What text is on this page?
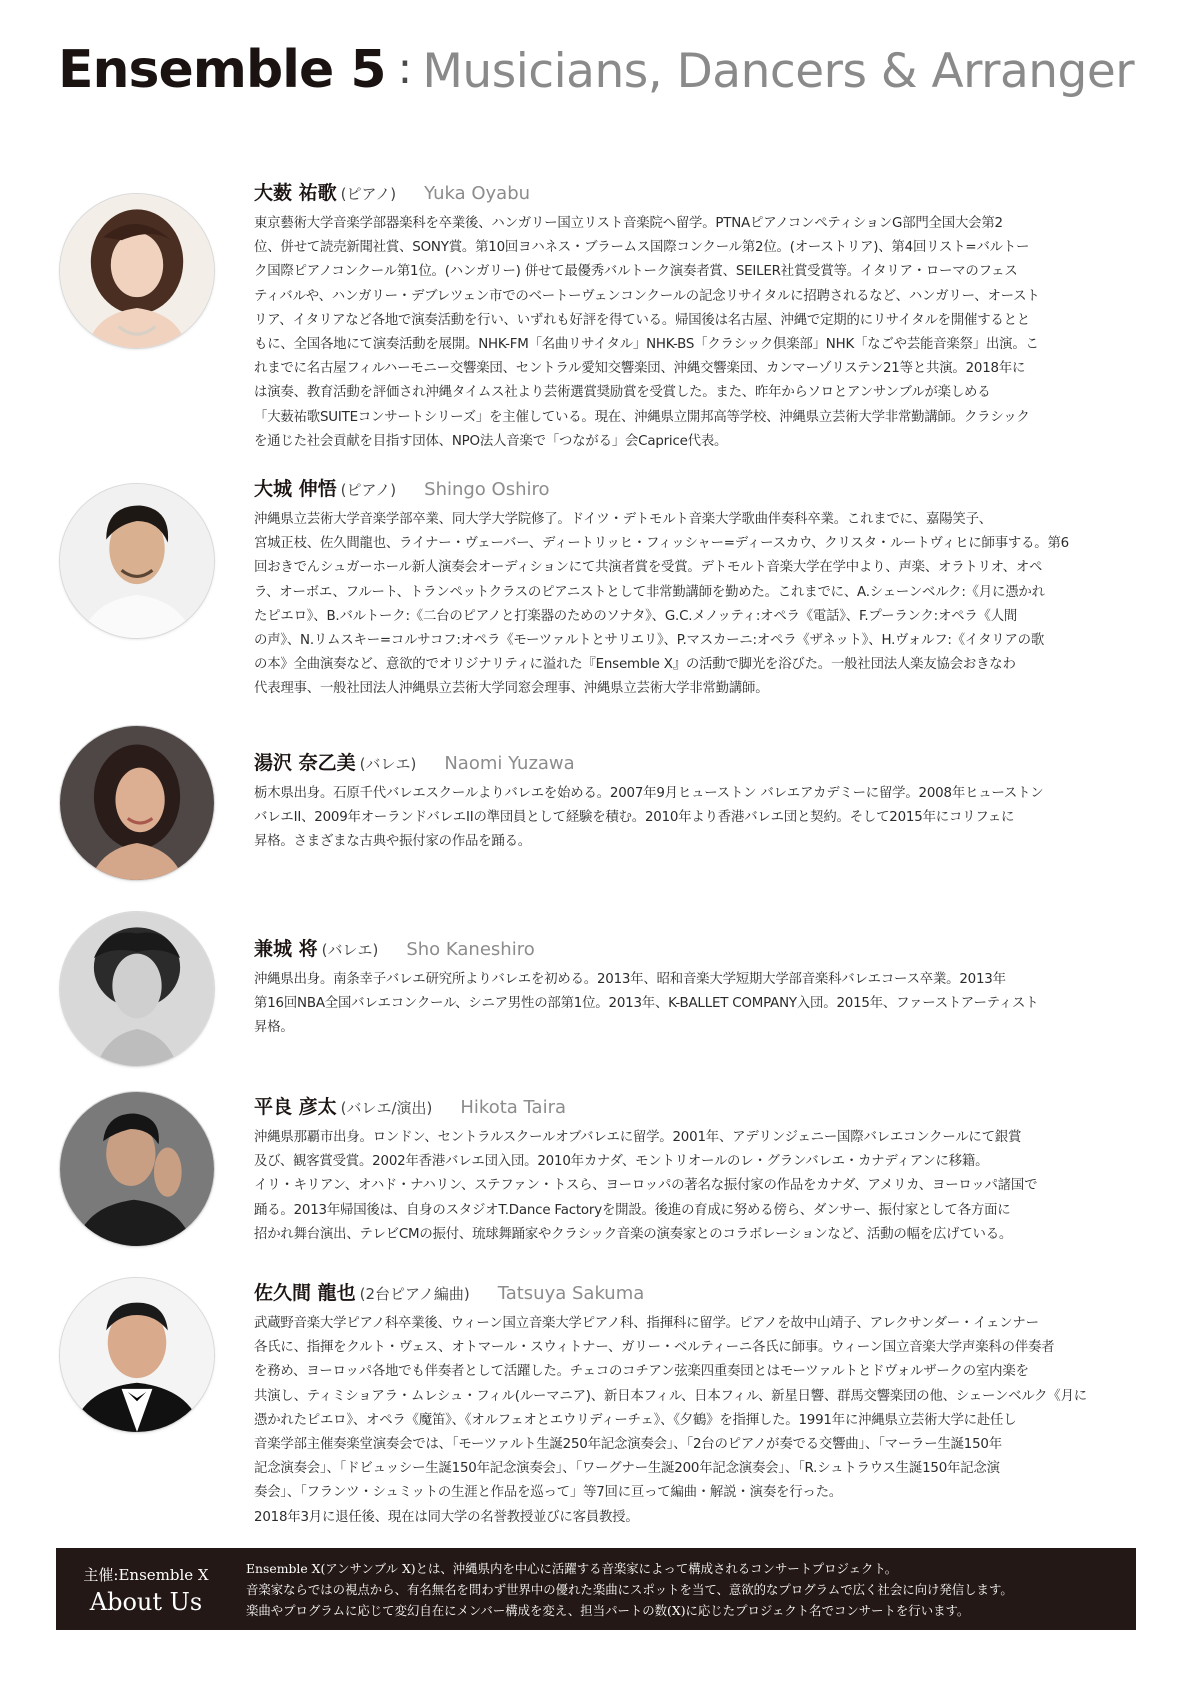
Ensemble 5 : Musicians, Dancers & Arranger
大薮 祐歌 (ピアノ) Yuka Oyabu

東京藝術大学音楽学部器楽科を卒業後、ハンガリー国立リスト音楽院へ留学。PTNAピアノコンペティションG部門全国大会第2

位、併せて読売新聞社賞、SONY賞。第10回ヨハネス・ブラームス国際コンクール第2位。(オーストリア)、第4回リスト=バルトー

ク国際ピアノコンクール第1位。(ハンガリー) 併せて最優秀バルトーク演奏者賞、SEILER社賞受賞等。イタリア・ローマのフェス

ティバルや、ハンガリー・デブレツェン市でのベートーヴェンコンクールの記念リサイタルに招聘されるなど、ハンガリー、オースト

リア、イタリアなど各地で演奏活動を行い、いずれも好評を得ている。帰国後は名古屋、沖縄で定期的にリサイタルを開催するとと

もに、全国各地にて演奏活動を展開。NHK-FM「名曲リサイタル」NHK-BS「クラシック倶楽部」NHK「なごや芸能音楽祭」出演。こ

れまでに名古屋フィルハーモニー交響楽団、セントラル愛知交響楽団、沖縄交響楽団、カンマーゾリステン21等と共演。2018年に

は演奏、教育活動を評価され沖縄タイムス社より芸術選賞奨励賞を受賞した。また、昨年からソロとアンサンブルが楽しめる

「大薮祐歌SUITEコンサートシリーズ」を主催している。現在、沖縄県立開邦高等学校、沖縄県立芸術大学非常勤講師。クラシック

を通じた社会貢献を目指す団体、NPO法人音楽で「つながる」会Caprice代表。

大城 伸悟 (ピアノ) Shingo Oshiro

沖縄県立芸術大学音楽学部卒業、同大学大学院修了。ドイツ・デトモルト音楽大学歌曲伴奏科卒業。これまでに、嘉陽笑子、

宮城正枝、佐久間龍也、ライナー・ヴェーバー、ディートリッヒ・フィッシャー=ディースカウ、クリスタ・ルートヴィヒに師事する。第6

回おきでんシュガーホール新人演奏会オーディションにて共演者賞を受賞。デトモルト音楽大学在学中より、声楽、オラトリオ、オペ

ラ、オーボエ、フルート、トランペットクラスのピアニストとして非常勤講師を勤めた。これまでに、A.シェーンベルク:《月に憑かれ

たピエロ》、B.バルトーク:《二台のピアノと打楽器のためのソナタ》、G.C.メノッティ:オペラ《電話》、F.プーランク:オペラ《人間

の声》、N.リムスキー=コルサコフ:オペラ《モーツァルトとサリエリ》、P.マスカーニ:オペラ《ザネット》、H.ヴォルフ:《イタリアの歌

の本》全曲演奏など、意欲的でオリジナリティに溢れた『Ensemble X』の活動で脚光を浴びた。一般社団法人楽友協会おきなわ

代表理事、一般社団法人沖縄県立芸術大学同窓会理事、沖縄県立芸術大学非常勤講師。

湯沢 奈乙美 (バレエ) Naomi Yuzawa

栃木県出身。石原千代バレエスクールよりバレエを始める。2007年9月ヒューストン バレエアカデミーに留学。2008年ヒューストン

バレエII、2009年オーランドバレエIIの準団員として経験を積む。2010年より香港バレエ団と契約。そして2015年にコリフェに

昇格。さまざまな古典や振付家の作品を踊る。

兼城 将 (バレエ) Sho Kaneshiro

沖縄県出身。南条幸子バレエ研究所よりバレエを初める。2013年、昭和音楽大学短期大学部音楽科バレエコース卒業。2013年

第16回NBA全国バレエコンクール、シニア男性の部第1位。2013年、K-BALLET COMPANY入団。2015年、ファーストアーティスト

昇格。

平良 彦太 (バレエ/演出) Hikota Taira

沖縄県那覇市出身。ロンドン、セントラルスクールオブバレエに留学。2001年、アデリンジェニー国際バレエコンクールにて銀賞

及び、観客賞受賞。2002年香港バレエ団入団。2010年カナダ、モントリオールのレ・グランバレエ・カナディアンに移籍。

イリ・キリアン、オハド・ナハリン、ステファン・トスら、ヨーロッパの著名な振付家の作品をカナダ、アメリカ、ヨーロッパ諸国で

踊る。2013年帰国後は、自身のスタジオT.Dance Factoryを開設。後進の育成に努める傍ら、ダンサー、振付家として各方面に

招かれ舞台演出、テレビCMの振付、琉球舞踊家やクラシック音楽の演奏家とのコラボレーションなど、活動の幅を広げている。

佐久間 龍也 (2台ピアノ編曲) Tatsuya Sakuma

武蔵野音楽大学ピアノ科卒業後、ウィーン国立音楽大学ピアノ科、指揮科に留学。ピアノを故中山靖子、アレクサンダー・イェンナー

各氏に、指揮をクルト・ヴェス、オトマール・スウィトナー、ガリー・ベルティーニ各氏に師事。ウィーン国立音楽大学声楽科の伴奏者

を務め、ヨーロッパ各地でも伴奏者として活躍した。チェコのコチアン弦楽四重奏団とはモーツァルトとドヴォルザークの室内楽を

共演し、ティミショアラ・ムレシュ・フィル(ルーマニア)、新日本フィル、日本フィル、新星日響、群馬交響楽団の他、シェーンベルク《月に

憑かれたピエロ》、オペラ《魔笛》、《オルフェオとエウリディーチェ》、《夕鶴》を指揮した。1991年に沖縄県立芸術大学に赴任し

音楽学部主催奏楽堂演奏会では、「モーツァルト生誕250年記念演奏会」、「2台のピアノが奏でる交響曲」、「マーラー生誕150年

記念演奏会」、「ドビュッシー生誕150年記念演奏会」、「ワーグナー生誕200年記念演奏会」、「R.シュトラウス生誕150年記念演

奏会」、「フランツ・シュミットの生涯と作品を巡って」等7回に亘って編曲・解説・演奏を行った。

2018年3月に退任後、現在は同大学の名誉教授並びに客員教授。

主催:Ensemble X
About Us

Ensemble X(アンサンブル X)とは、沖縄県内を中心に活躍する音楽家によって構成されるコンサートプロジェクト。

音楽家ならではの視点から、有名無名を問わず世界中の優れた楽曲にスポットを当て、意欲的なプログラムで広く社会に向け発信します。

楽曲やプログラムに応じて変幻自在にメンバー構成を変え、担当パートの数(X)に応じたプロジェクト名でコンサートを行います。
